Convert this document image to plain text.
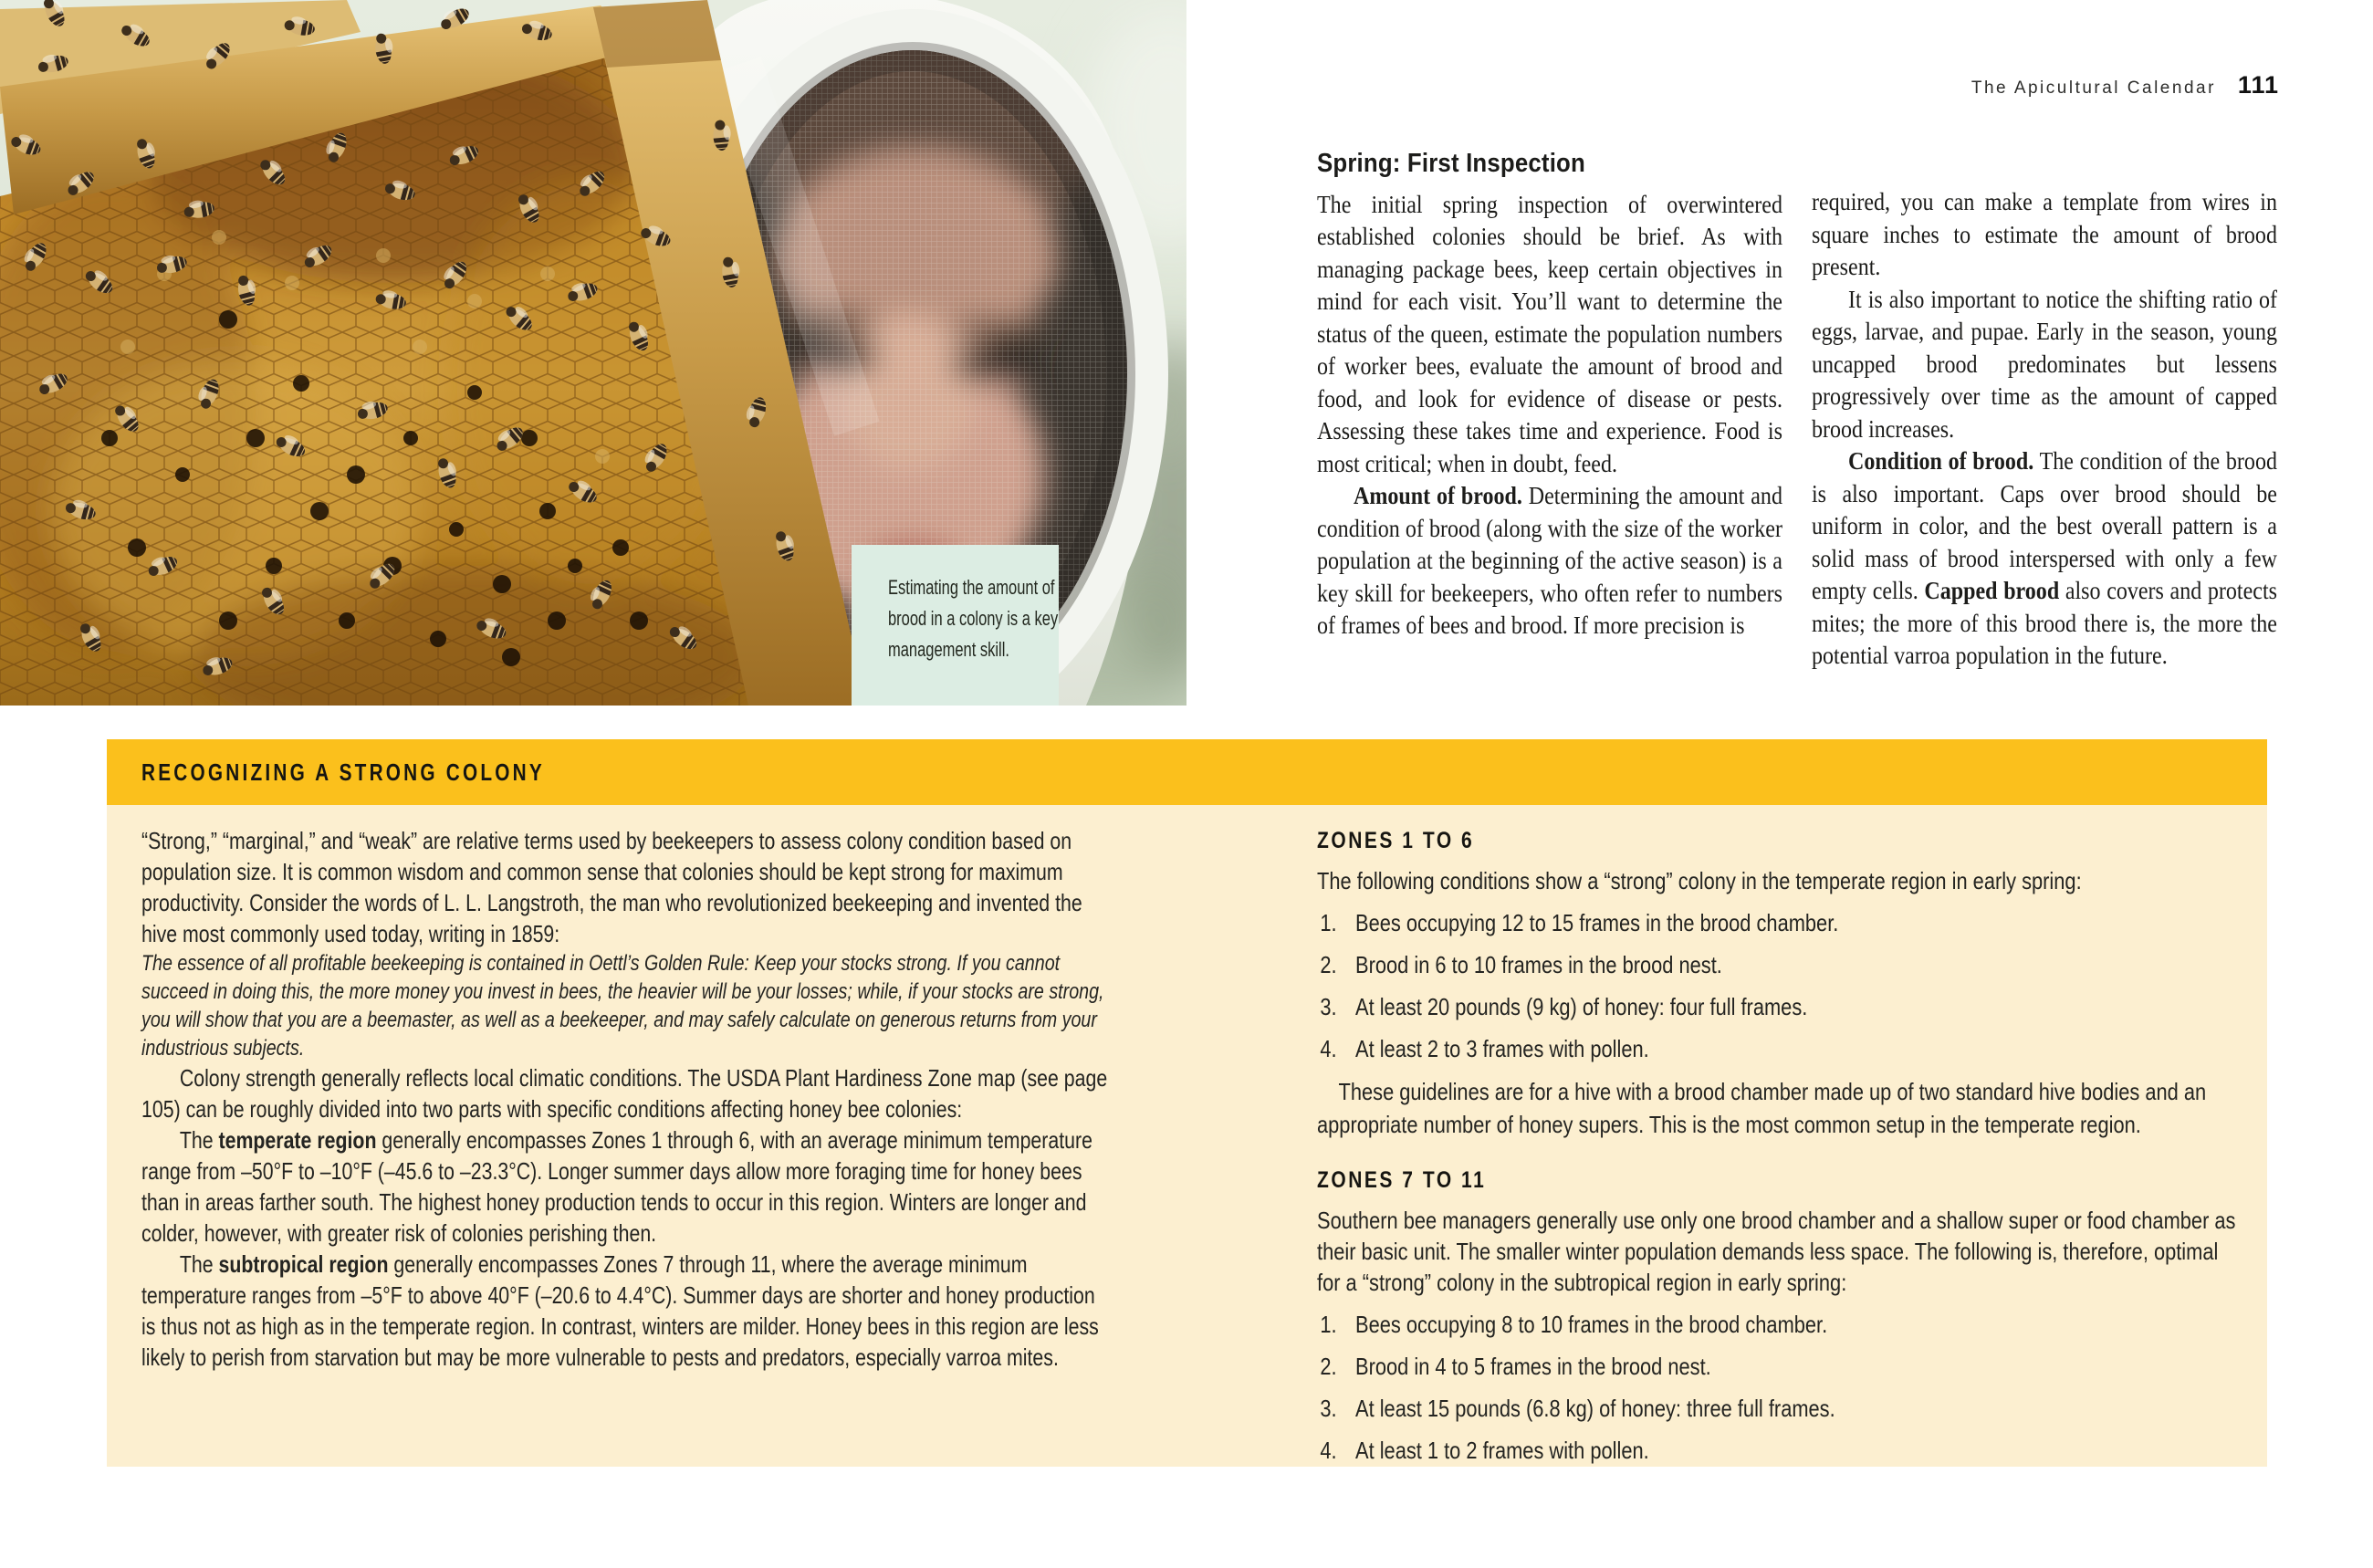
Estimating the amount of brood in a colony is a key management skill.
The Apicultural Calendar 111
Spring: First Inspection

The initial spring inspection of overwintered established colonies should be brief. As with managing package bees, keep certain objectives in mind for each visit. You’ll want to determine the status of the queen, estimate the population numbers of worker bees, evaluate the amount of brood and food, and look for evidence of disease or pests. Assessing these takes time and experience. Food is most critical; when in doubt, feed.

Amount of brood. Determining the amount and condition of brood (along with the size of the worker population at the beginning of the active season) is a key skill for beekeepers, who often refer to numbers of frames of bees and brood. If more precision is

required, you can make a template from wires in square inches to estimate the amount of brood present.

It is also important to notice the shifting ratio of eggs, larvae, and pupae. Early in the season, young uncapped brood predominates but lessens progressively over time as the amount of capped brood increases.

Condition of brood. The condition of the brood is also important. Caps over brood should be uniform in color, and the best overall pattern is a solid mass of brood interspersed with only a few empty cells. Capped brood also covers and protects mites; the more of this brood there is, the more the potential varroa population in the future.

RECOGNIZING A STRONG COLONY

“Strong,” “marginal,” and “weak” are relative terms used by beekeepers to assess colony condition based on population size. It is common wisdom and common sense that colonies should be kept strong for maximum productivity. Consider the words of L. L. Langstroth, the man who revolutionized beekeeping and invented the hive most commonly used today, writing in 1859:

The essence of all profitable beekeeping is contained in Oettl’s Golden Rule: Keep your stocks strong. If you cannot succeed in doing this, the more money you invest in bees, the heavier will be your losses; while, if your stocks are strong, you will show that you are a beemaster, as well as a beekeeper, and may safely calculate on generous returns from your industrious subjects.

Colony strength generally reflects local climatic conditions. The USDA Plant Hardiness Zone map (see page 105) can be roughly divided into two parts with specific conditions affecting honey bee colonies:

The temperate region generally encompasses Zones 1 through 6, with an average minimum temperature range from –50°F to –10°F (–45.6 to –23.3°C). Longer summer days allow more foraging time for honey bees than in areas farther south. The highest honey production tends to occur in this region. Winters are longer and colder, however, with greater risk of colonies perishing then.

The subtropical region generally encompasses Zones 7 through 11, where the average minimum temperature ranges from –5°F to above 40°F (–20.6 to 4.4°C). Summer days are shorter and honey production is thus not as high as in the temperate region. In contrast, winters are milder. Honey bees in this region are less likely to perish from starvation but may be more vulnerable to pests and predators, especially varroa mites.

ZONES 1 TO 6

The following conditions show a “strong” colony in the temperate region in early spring:

Bees occupying 12 to 15 frames in the brood chamber.
Brood in 6 to 10 frames in the brood nest.
At least 20 pounds (9 kg) of honey: four full frames.
At least 2 to 3 frames with pollen.

These guidelines are for a hive with a brood chamber made up of two standard hive bodies and an appropriate number of honey supers. This is the most common setup in the temperate region.

ZONES 7 TO 11

Southern bee managers generally use only one brood chamber and a shallow super or food chamber as their basic unit. The smaller winter population demands less space. The following is, therefore, optimal for a “strong” colony in the subtropical region in early spring:

Bees occupying 8 to 10 frames in the brood chamber.
Brood in 4 to 5 frames in the brood nest.
At least 15 pounds (6.8 kg) of honey: three full frames.
At least 1 to 2 frames with pollen.
